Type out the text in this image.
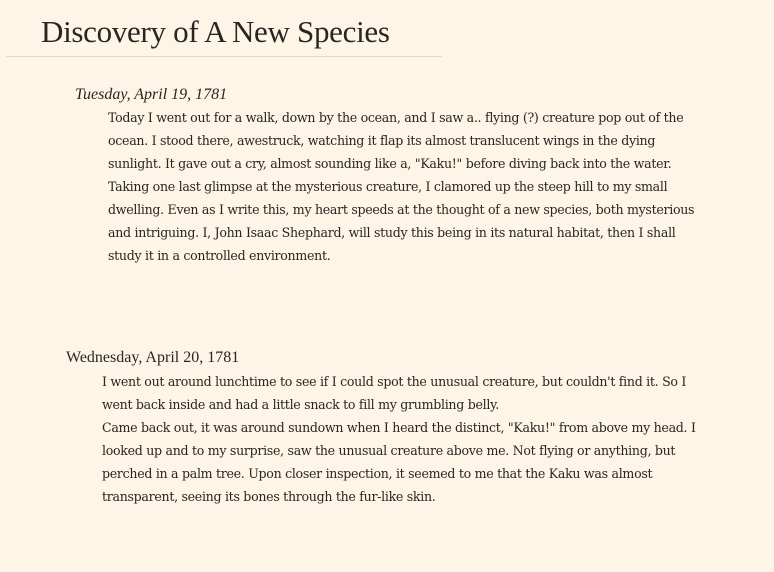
Discovery of A New Species
Tuesday, April 19, 1781
Today I went out for a walk, down by the ocean, and I saw a.. flying (?) creature pop out of the
ocean. I stood there, awestruck, watching it flap its almost translucent wings in the dying
sunlight. It gave out a cry, almost sounding like a, "Kaku!" before diving back into the water.
Taking one last glimpse at the mysterious creature, I clamored up the steep hill to my small
dwelling. Even as I write this, my heart speeds at the thought of a new species, both mysterious
and intriguing. I, John Isaac Shephard, will study this being in its natural habitat, then I shall
study it in a controlled environment.
Wednesday, April 20, 1781
I went out around lunchtime to see if I could spot the unusual creature, but couldn't find it. So I
went back inside and had a little snack to fill my grumbling belly.
Came back out, it was around sundown when I heard the distinct, "Kaku!" from above my head. I
looked up and to my surprise, saw the unusual creature above me. Not flying or anything, but
perched in a palm tree. Upon closer inspection, it seemed to me that the Kaku was almost
transparent, seeing its bones through the fur-like skin.
